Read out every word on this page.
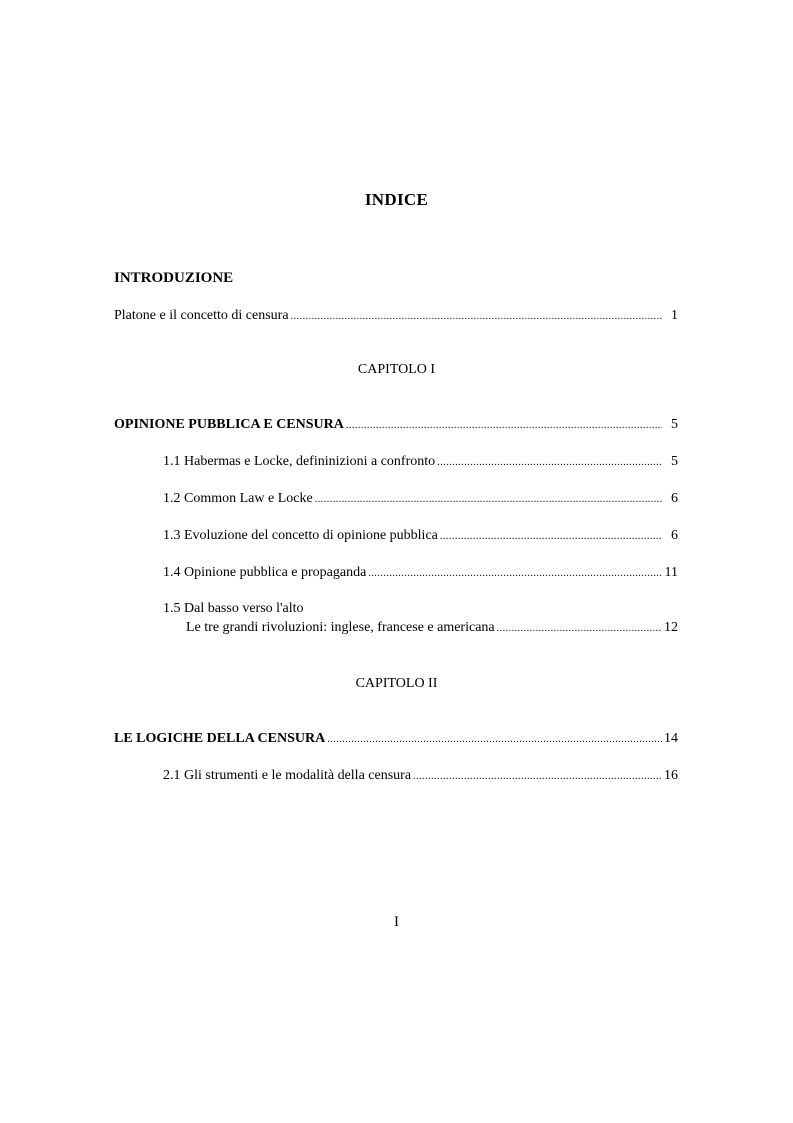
INDICE
INTRODUZIONE
Platone e il concetto di censura .....	1
CAPITOLO I
OPINIONE PUBBLICA E CENSURA .....	5
1.1 Habermas e Locke, defininizioni a confronto .....	5
1.2 Common Law e Locke .....	6
1.3 Evoluzione del concetto di opinione pubblica .....	6
1.4 Opinione pubblica e propaganda .....	11
1.5 Dal basso verso l'alto
Le tre grandi rivoluzioni: inglese, francese e americana .....	12
CAPITOLO II
LE LOGICHE DELLA CENSURA .....	14
2.1 Gli strumenti e le modalità della censura .....	16
I
